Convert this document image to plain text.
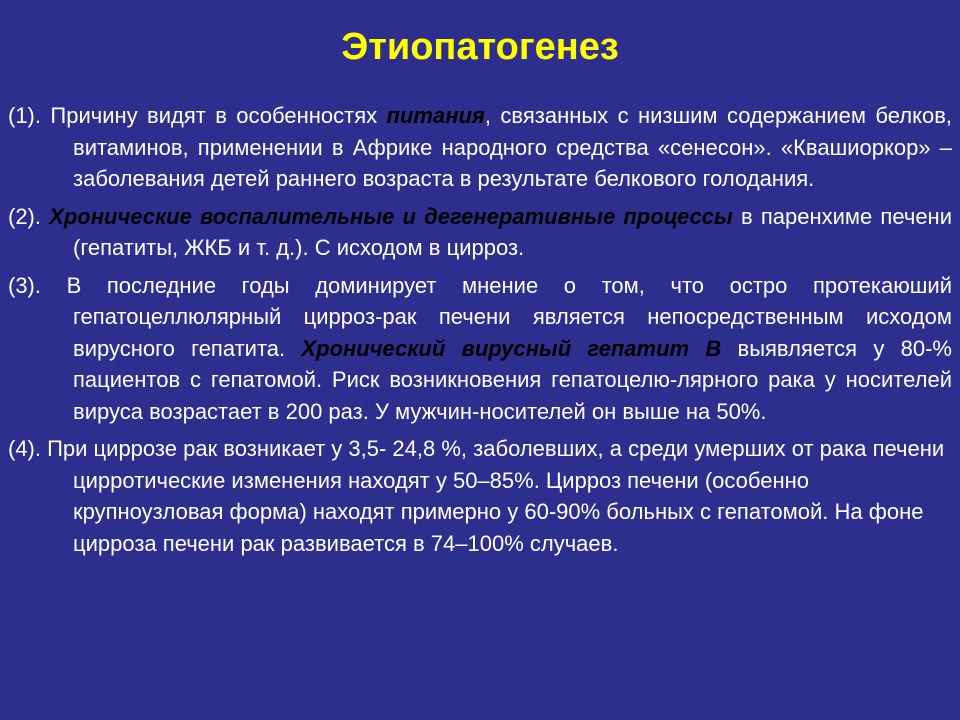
Этиопатогенез

(1). Причину видят в особенностях питания, связанных с низшим содержанием белков, витаминов, применении в Африке народного средства «сенесон». «Квашиоркор» – заболевания детей раннего возраста в результате белкового голодания.

(2). Хронические воспалительные и дегенеративные процессы в паренхиме печени (гепатиты, ЖКБ и т. д.). С исходом в цирроз.

(3). В последние годы доминирует мнение о том, что остро протекаюший гепатоцеллюлярный цирроз-рак печени является непосредственным исходом вирусного гепатита. Хронический вирусный гепатит В выявляется у 80-% пациентов с гепатомой. Риск возникновения гепатоцелю-лярного рака у носителей вируса возрастает в 200 раз. У мужчин-носителей он выше на 50%.

(4). При циррозе рак возникает у 3,5- 24,8 %, заболевших, а среди умерших от рака печени цирротические изменения находят у 50–85%. Цирроз печени (особенно крупноузловая форма) находят примерно у 60-90% больных с гепатомой. На фоне цирроза печени рак развивается в 74–100% случаев.
